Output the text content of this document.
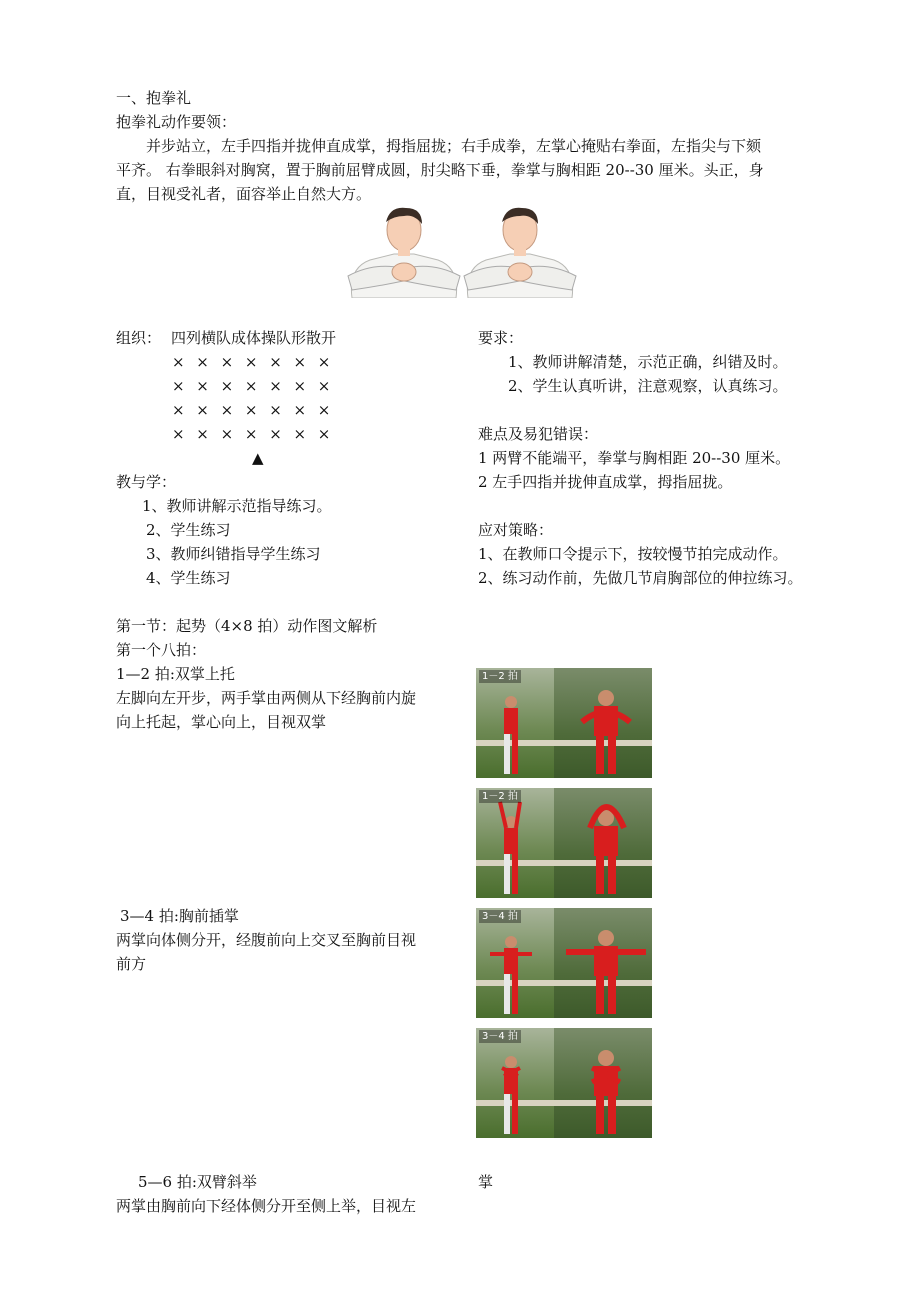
一、抱拳礼
抱拳礼动作要领：

并步站立，左手四指并拢伸直成掌，拇指屈拢；右手成拳，左掌心掩贴右拳面，左指尖与下颏

平齐。 右拳眼斜对胸窝，置于胸前屈臂成圆，肘尖略下垂，拳掌与胸相距 20--30 厘米。头正，身

直，目视受礼者，面容举止自然大方。

组织： 四列横队成体操队形散开
× × × × × × ×
× × × × × × ×
× × × × × × ×
× × × × × × ×
▲
教与学：
1、教师讲解示范指导练习。
2、学生练习
3、教师纠错指导学生练习
4、学生练习
要求：
1、教师讲解清楚，示范正确，纠错及时。
2、学生认真听讲，注意观察，认真练习。
难点及易犯错误：
1 两臂不能端平，拳掌与胸相距 20--30 厘米。
2 左手四指并拢伸直成掌，拇指屈拢。
应对策略：
1、在教师口令提示下，按较慢节拍完成动作。
2、练习动作前，先做几节肩胸部位的伸拉练习。
第一节：起势（4×8 拍）动作图文解析
第一个八拍：
1—2 拍:双掌上托
左脚向左开步，两手掌由两侧从下经胸前内旋
向上托起，掌心向上，目视双掌
3—4 拍:胸前插掌
两掌向体侧分开，经腹前向上交叉至胸前目视
前方
5—6 拍:双臂斜举
两掌由胸前向下经体侧分开至侧上举，目视左
掌
1－2 拍
1－2 拍
3－4 拍
3－4 拍
